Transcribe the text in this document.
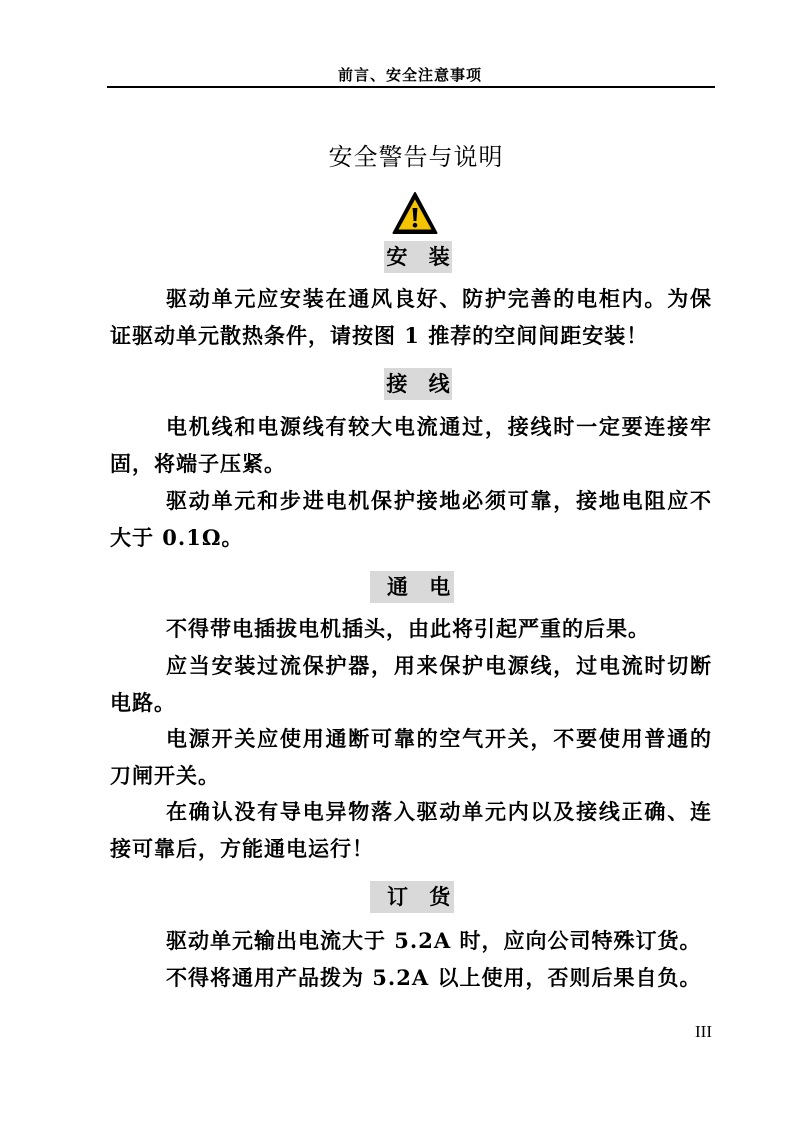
前言、安全注意事项
安全警告与说明
安 装
驱动单元应安装在通风良好、防护完善的电柜内。为保
证驱动单元散热条件，请按图 1 推荐的空间间距安装！
接 线
电机线和电源线有较大电流通过，接线时一定要连接牢
固，将端子压紧。
驱动单元和步进电机保护接地必须可靠，接地电阻应不
大于 0.1Ω。
通 电
不得带电插拔电机插头，由此将引起严重的后果。
应当安装过流保护器，用来保护电源线，过电流时切断
电路。
电源开关应使用通断可靠的空气开关，不要使用普通的
刀闸开关。
在确认没有导电异物落入驱动单元内以及接线正确、连
接可靠后，方能通电运行！
订 货
驱动单元输出电流大于 5.2A 时，应向公司特殊订货。
不得将通用产品拨为 5.2A 以上使用，否则后果自负。
III
